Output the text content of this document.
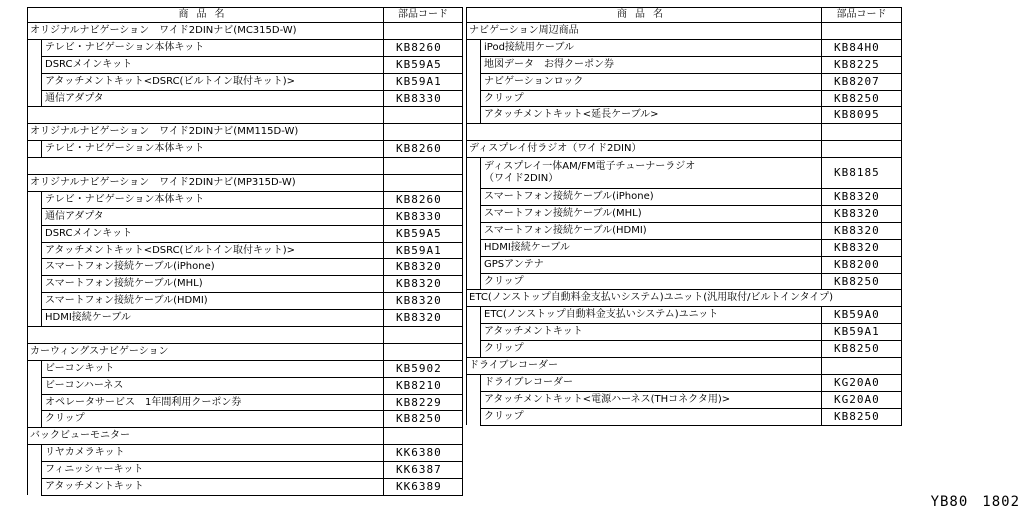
商品名		部品コード
オリジナルナビゲーション　ワイド2DINナビ(MC315D-W)		
	テレビ・ナビゲーション本体キット	KB8260
	DSRCメインキット	KB59A5
	アタッチメントキット<DSRC(ビルトイン取付キット)>	KB59A1
	通信アダプタ	KB8330

オリジナルナビゲーション　ワイド2DINナビ(MM115D-W)		
	テレビ・ナビゲーション本体キット	KB8260

オリジナルナビゲーション　ワイド2DINナビ(MP315D-W)		
	テレビ・ナビゲーション本体キット	KB8260
	通信アダプタ	KB8330
	DSRCメインキット	KB59A5
	アタッチメントキット<DSRC(ビルトイン取付キット)>	KB59A1
	スマートフォン接続ケーブル(iPhone)	KB8320
	スマートフォン接続ケーブル(MHL)	KB8320
	スマートフォン接続ケーブル(HDMI)	KB8320
	HDMI接続ケーブル	KB8320

カーウィングスナビゲーション		
	ビーコンキット	KB5902
	ビーコンハーネス	KB8210
	オペレータサービス　1年間利用クーポン券	KB8229
	クリップ	KB8250
バックビューモニター		
	リヤカメラキット	KK6380
	フィニッシャーキット	KK6387
	アタッチメントキット	KK6389
商品名		部品コード
ナビゲーション周辺商品		
	iPod接続用ケーブル	KB84H0
	地図データ　お得クーポン券	KB8225
	ナビゲーションロック	KB8207
	クリップ	KB8250
	アタッチメントキット<延長ケーブル>	KB8095

ディスプレイ付ラジオ（ワイド2DIN）		

	ディスプレイ一体AM/FM電子チューナーラジオ
（ワイド2DIN）	KB8185
	スマートフォン接続ケーブル(iPhone)	KB8320
	スマートフォン接続ケーブル(MHL)	KB8320
	スマートフォン接続ケーブル(HDMI)	KB8320
	HDMI接続ケーブル	KB8320
	GPSアンテナ	KB8200
	クリップ	KB8250
ETC(ノンストップ自動料金支払いシステム)ユニット(汎用取付/ビルトインタイプ)		
	ETC(ノンストップ自動料金支払いシステム)ユニット	KB59A0
	アタッチメントキット	KB59A1
	クリップ	KB8250
ドライブレコーダー		
	ドライブレコーダー	KG20A0
	アタッチメントキット<電源ハーネス(THコネクタ用)>	KG20A0
	クリップ	KB8250
YB80 1802
